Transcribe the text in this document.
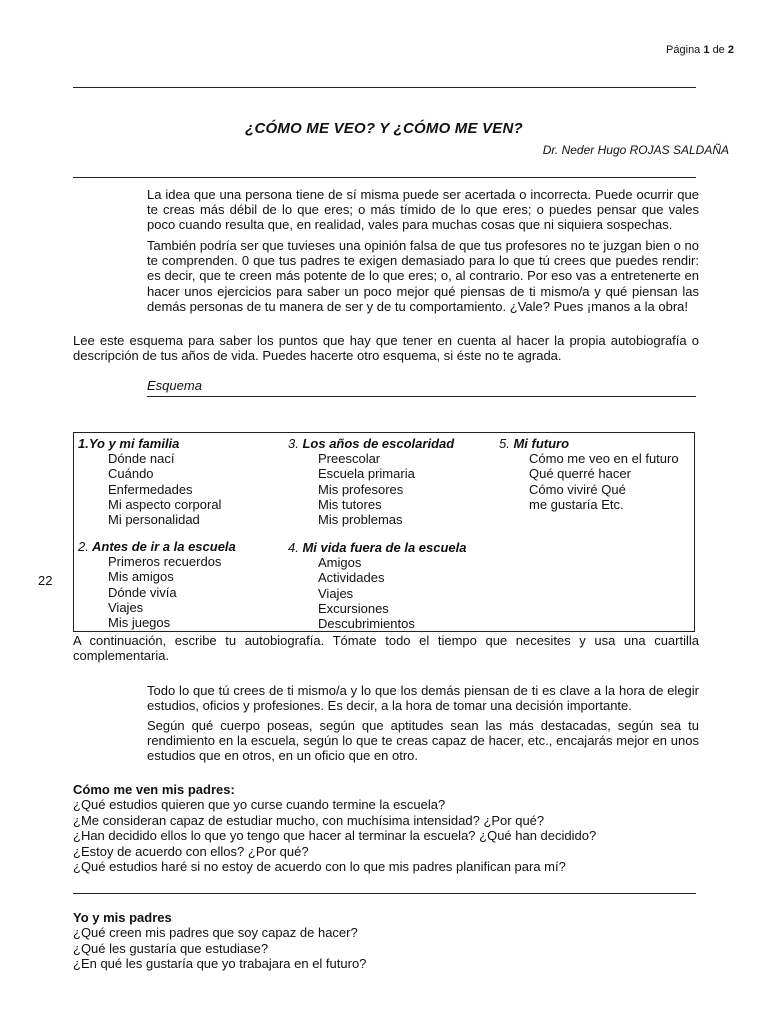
Página 1 de 2
¿CÓMO ME VEO? Y ¿CÓMO ME VEN?
Dr. Neder Hugo ROJAS SALDAÑA

La idea que una persona tiene de sí misma puede ser acertada o incorrecta. Puede ocurrir que te creas más débil de lo que eres; o más tímido de lo que eres; o puedes pensar que vales poco cuando resulta que, en realidad, vales para muchas cosas que ni siquiera sospechas.

También podría ser que tuvieses una opinión falsa de que tus profesores no te juzgan bien o no te comprenden. 0 que tus padres te exigen demasiado para lo que tú crees que puedes rendir: es decir, que te creen más potente de lo que eres; o, al contrario. Por eso vas a entretenerte en hacer unos ejercicios para saber un poco mejor qué piensas de ti mismo/a y qué piensan las demás personas de tu manera de ser y de tu comportamiento. ¿Vale? Pues ¡manos a la obra!

Lee este esquema para saber los puntos que hay que tener en cuenta al hacer la propia autobiografía o descripción de tus años de vida. Puedes hacerte otro esquema, si éste no te agrada.

Esquema
22
1.Yo y mi familia
Dónde nací
Cuándo
Enfermedades
Mi aspecto corporal
Mi personalidad
2. Antes de ir a la escuela
Primeros recuerdos
Mis amigos
Dónde vivía
Viajes
Mis juegos
3. Los años de escolaridad
Preescolar
Escuela primaria
Mis profesores
Mis tutores
Mis problemas
4. Mi vida fuera de la escuela
Amigos
Actividades
Viajes
Excursiones
Descubrimientos
5. Mi futuro
Cómo me veo en el futuro
Qué querré hacer
Cómo viviré Qué
me gustaría Etc.

A continuación, escribe tu autobiografía. Tómate todo el tiempo que necesites y usa una cuartilla complementaria.

Todo lo que tú crees de ti mismo/a y lo que los demás piensan de ti es clave a la hora de elegir estudios, oficios y profesiones. Es decir, a la hora de tomar una decisión importante.

Según qué cuerpo poseas, según que aptitudes sean las más destacadas, según sea tu rendimiento en la escuela, según lo que te creas capaz de hacer, etc., encajarás mejor en unos estudios que en otros, en un oficio que en otro.

Cómo me ven mis padres:
¿Qué estudios quieren que yo curse cuando termine la escuela?
¿Me consideran capaz de estudiar mucho, con muchísima intensidad? ¿Por qué?
¿Han decidido ellos lo que yo tengo que hacer al terminar la escuela? ¿Qué han decidido?
¿Estoy de acuerdo con ellos? ¿Por qué?
¿Qué estudios haré si no estoy de acuerdo con lo que mis padres planifican para mí?
Yo y mis padres
¿Qué creen mis padres que soy capaz de hacer?
¿Qué les gustaría que estudiase?
¿En qué les gustaría que yo trabajara en el futuro?
